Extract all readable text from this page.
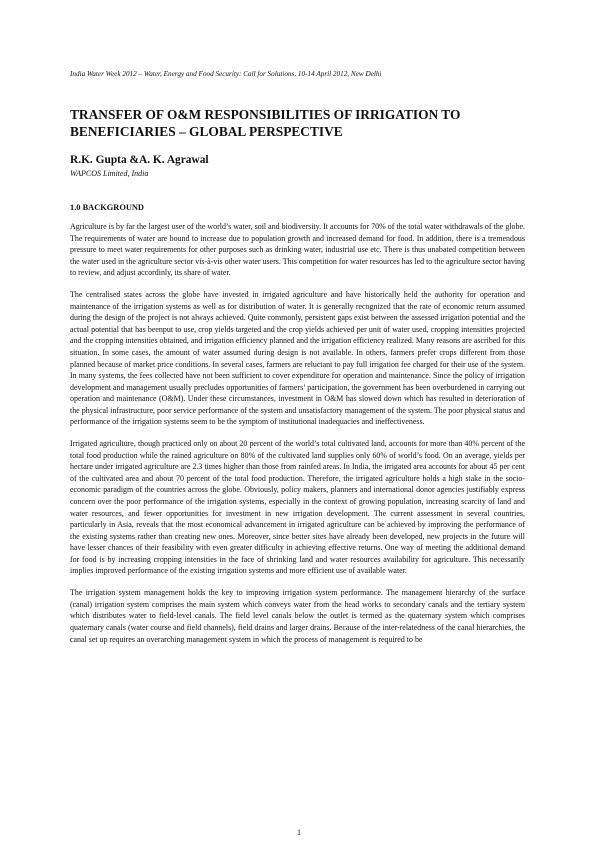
India Water Week 2012 – Water, Energy and Food Security: Call for Solutions, 10-14 April 2012, New Delhi
TRANSFER OF O&M RESPONSIBILITIES OF IRRIGATION TO BENEFICIARIES – GLOBAL PERSPECTIVE
R.K. Gupta &A. K. Agrawal
WAPCOS Limited, India
1.0 BACKGROUND

Agriculture is by far the largest user of the world’s water, soil and biodiversity. It accounts for 70% of the total water withdrawals of the globe. The requirements of water are bound to increase due to population growth and increased demand for food. In addition, there is a tremendous pressure to meet water requirements for other purposes such as drinking water, industrial use etc. There is thus unabated competition between the water used in the agriculture sector vis-à-vis other water users. This competition for water resources has led to the agriculture sector having to review, and adjust accordinly, its share of water.

The centralised states across the globe have invested in irrigated agriculture and have historically held the authority for operation and maintenance of the irrigation systems as well as for distribution of water. It is generally recognized that the rate of economic return assumed during the design of the project is not always achieved. Quite commonly, persistent gaps exist between the assessed irrigation potential and the actual potential that has beenput to use, crop yields targeted and the crop yields achieved per unit of water used, cropping intensities projected and the cropping intensities obtained, and irrigation efficiency planned and the irrigation efficiency realized. Many reasons are ascribed for this situation. In some cases, the amount of water assumed during design is not available. In others, farmers prefer crops different from those planned because of market price conditions. In several cases, farmers are reluctant to pay full irrigation fee charged for their use of the system. In many systems, the fees collected have not been sufficient to cover expenditure for operation and maintenance. Since the policy of irrigation development and management usually precludes opportunities of farmers’ participation, the government has been overburdened in carrying out operation and maintenance (O&M). Under these circumstances, investment in O&M has slowed down which has resulted in deterioration of the physical infrastructure, poor service performance of the system and unsatisfactory management of the system. The poor physical status and performance of the irrigation systems seem to be the symptom of institutional inadequacies and ineffectiveness.

Irrigated agriculture, though practiced only on about 20 percent of the world’s total cultivated land, accounts for more than 40% percent of the total food production while the rained agriculture on 80% of the cultivated land supplies only 60% of world’s food. On an average, yields per hectare under irrigated agriculture are 2.3 times higher than those from rainfed areas. In India, the irrigated area accounts for about 45 per cent of the cultivated area and about 70 percent of the total food production. Therefore, the irrigated agriculture holds a high stake in the socio-economic paradigm of the countries across the globe. Obviously, policy makers, planners and international donor agencies justifiably express concern over the poor performance of the irrigation systems, especially in the context of growing population, increasing scarcity of land and water resources, and fewer opportunities for investment in new irrigation development. The current assessment in several countries, particularly in Asia, reveals that the most economical advancement in irrigated agriculture can be achieved by improving the performance of the existing systems rather than creating new ones. Moreover, since better sites have already been developed, new projects in the future will have lesser chances of their feasibility with even greater difficulty in achieving effective returns. One way of meeting the additional demand for food is by increasing cropping intensities in the face of shrinking land and water resources availability for agriculture. This necessarily implies improved performance of the existing irrigation systems and more efficient use of available water.

The irrigation system management holds the key to improving irrigation system performance. The management hierarchy of the surface (canal) irrigation system comprises the main system which conveys water from the head works to secondary canals and the tertiary system which distributes water to field-level canals. The field level canals below the outlet is termed as the quaternary system which comprises quaternary canals (water course and field channels), field drains and larger drains. Because of the inter-relatedness of the canal hierarchies, the canal set up requires an overarching management system in which the process of management is required to be

1
